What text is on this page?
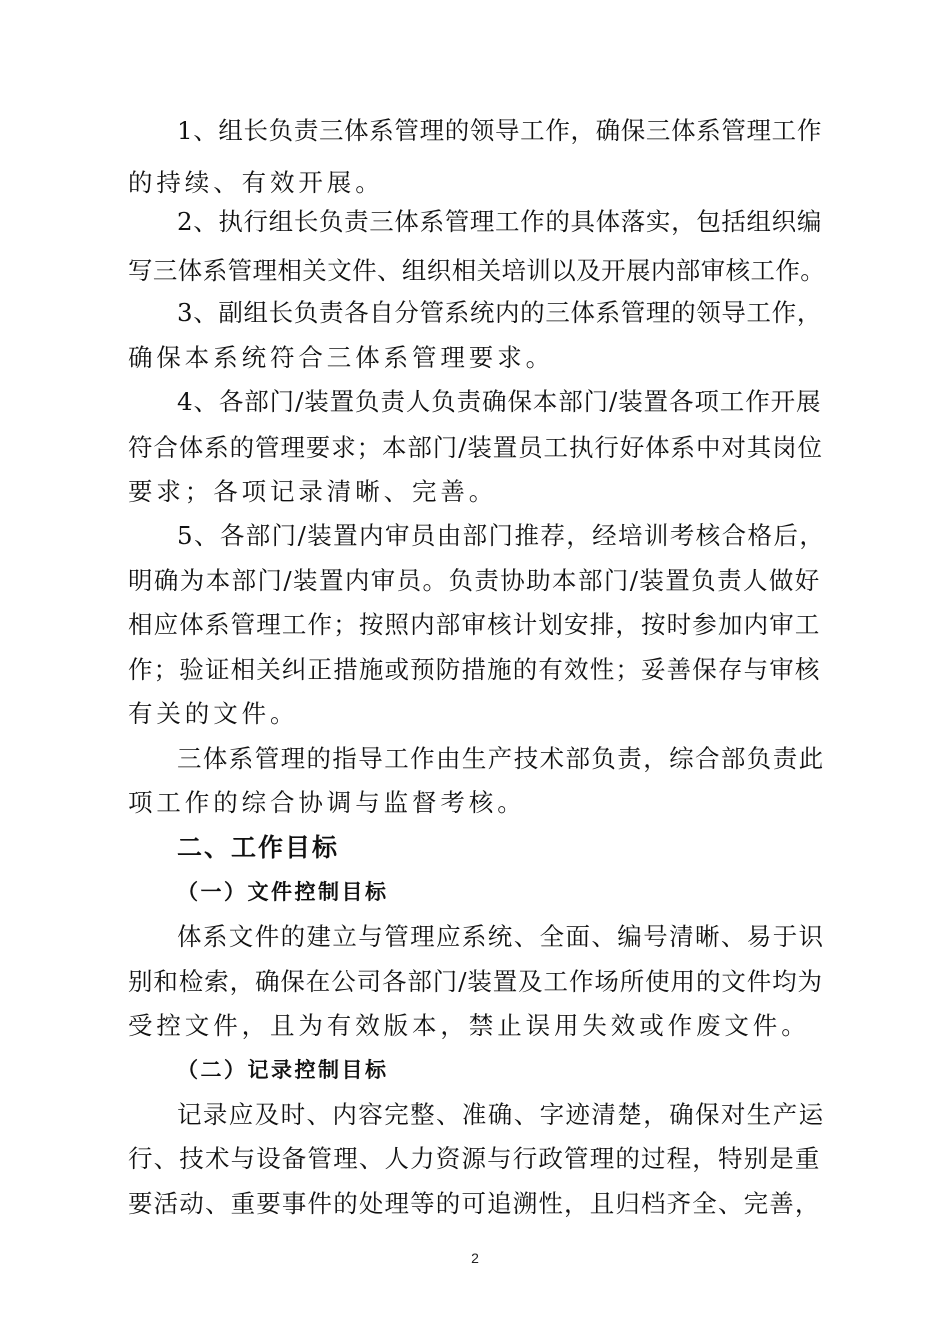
1、组长负责三体系管理的领导工作，确保三体系管理工作
的持续、有效开展。
2、执行组长负责三体系管理工作的具体落实，包括组织编
写三体系管理相关文件、组织相关培训以及开展内部审核工作。
3、副组长负责各自分管系统内的三体系管理的领导工作，
确保本系统符合三体系管理要求。
4、各部门/装置负责人负责确保本部门/装置各项工作开展
符合体系的管理要求；本部门/装置员工执行好体系中对其岗位
要求；各项记录清晰、完善。
5、各部门/装置内审员由部门推荐，经培训考核合格后，
明确为本部门/装置内审员。负责协助本部门/装置负责人做好
相应体系管理工作；按照内部审核计划安排，按时参加内审工
作；验证相关纠正措施或预防措施的有效性；妥善保存与审核
有关的文件。
三体系管理的指导工作由生产技术部负责，综合部负责此
项工作的综合协调与监督考核。
二、工作目标
（一）文件控制目标
体系文件的建立与管理应系统、全面、编号清晰、易于识
别和检索，确保在公司各部门/装置及工作场所使用的文件均为
受控文件，且为有效版本，禁止误用失效或作废文件。
（二）记录控制目标
记录应及时、内容完整、准确、字迹清楚，确保对生产运
行、技术与设备管理、人力资源与行政管理的过程，特别是重
要活动、重要事件的处理等的可追溯性，且归档齐全、完善，
2
